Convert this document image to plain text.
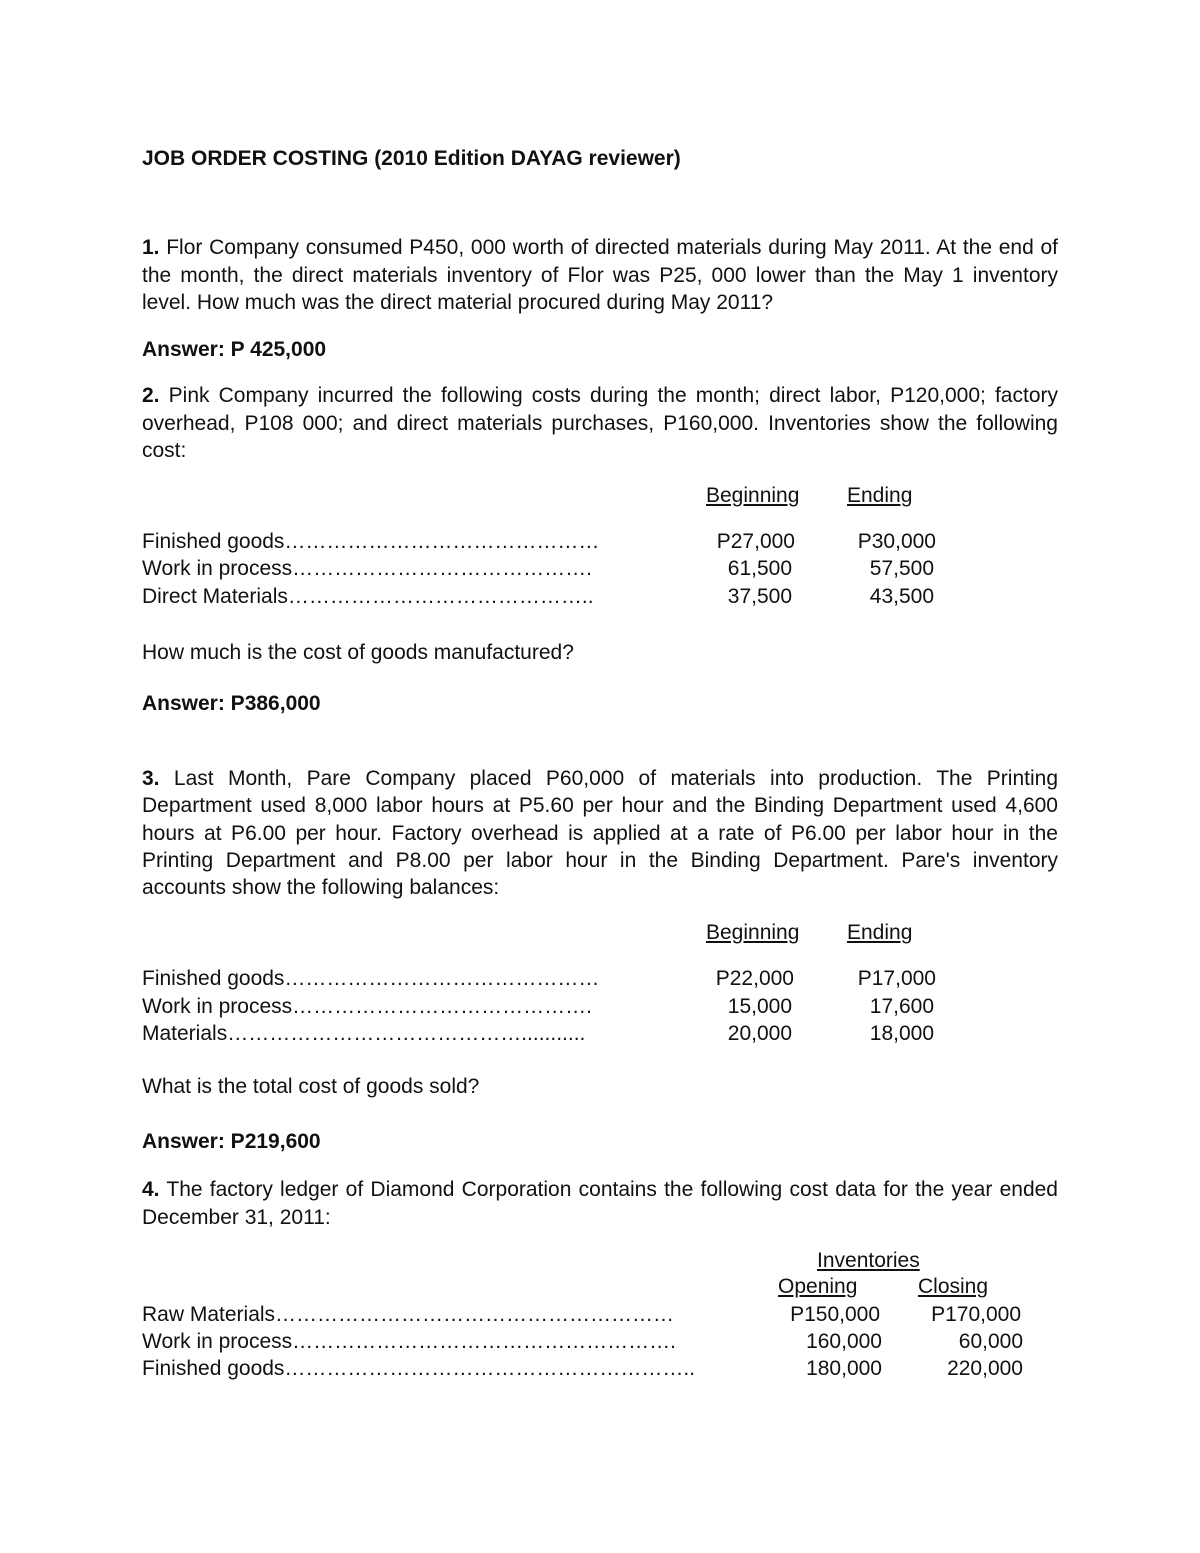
JOB ORDER COSTING (2010 Edition DAYAG reviewer)
1. Flor Company consumed P450, 000 worth of directed materials during May 2011. At the end of the month, the direct materials inventory of Flor was P25, 000 lower than the May 1 inventory level. How much was the direct material procured during May 2011?
Answer: P 425,000
2. Pink Company incurred the following costs during the month; direct labor, P120,000; factory overhead, P108 000; and direct materials purchases, P160,000. Inventories show the following cost:
Beginning Ending
Finished goods………………………………………	P27,000	P30,000
Work in process…………………………………….	61,500	57,500
Direct Materials……………………………………..	37,500	43,500
How much is the cost of goods manufactured?
Answer: P386,000
3. Last Month, Pare Company placed P60,000 of materials into production. The Printing Department used 8,000 labor hours at P5.60 per hour and the Binding Department used 4,600 hours at P6.00 per hour. Factory overhead is applied at a rate of P6.00 per labor hour in the Printing Department and P8.00 per labor hour in the Binding Department. Pare's inventory accounts show the following balances:
Beginning Ending
Finished goods………………………………………	P22,000	P17,000
Work in process…………………………………….	15,000	17,600
Materials……………………………………...........	20,000	18,000
What is the total cost of goods sold?
Answer: P219,600
4. The factory ledger of Diamond Corporation contains the following cost data for the year ended December 31, 2011:
Inventories
Opening	Closing
Raw Materials…………………………………………………	P150,000	P170,000
Work in process……………………………………………….	160,000	60,000
Finished goods…………………………………………………..	180,000	220,000
